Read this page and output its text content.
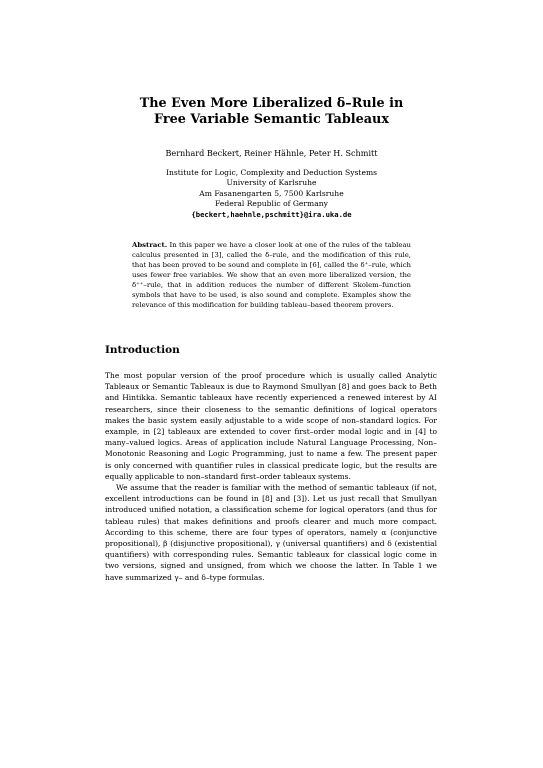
The Even More Liberalized δ–Rule in
Free Variable Semantic Tableaux
Bernhard Beckert, Reiner Hähnle, Peter H. Schmitt
Institute for Logic, Complexity and Deduction Systems
University of Karlsruhe
Am Fasanengarten 5, 7500 Karlsruhe
Federal Republic of Germany
{beckert,haehnle,pschmitt}@ira.uka.de
Abstract. In this paper we have a closer look at one of the rules of the tableau calculus presented in [3], called the δ–rule, and the modification of this rule, that has been proved to be sound and complete in [6], called the δ⁺–rule, which uses fewer free variables. We show that an even more liberalized version, the δ⁺⁺–rule, that in addition reduces the number of different Skolem–function symbols that have to be used, is also sound and complete. Examples show the relevance of this modification for building tableau–based theorem provers.
Introduction

The most popular version of the proof procedure which is usually called Analytic Tableaux or Semantic Tableaux is due to Raymond Smullyan [8] and goes back to Beth and Hintikka. Semantic tableaux have recently experienced a renewed interest by AI researchers, since their closeness to the semantic definitions of logical operators makes the basic system easily adjustable to a wide scope of non–standard logics. For example, in [2] tableaux are extended to cover first–order modal logic and in [4] to many–valued logics. Areas of application include Natural Language Processing, Non–Monotonic Reasoning and Logic Programming, just to name a few. The present paper is only concerned with quantifier rules in classical predicate logic, but the results are equally applicable to non–standard first–order tableaux systems.

We assume that the reader is familiar with the method of semantic tableaux (if not, excellent introductions can be found in [8] and [3]). Let us just recall that Smullyan introduced unified notation, a classification scheme for logical operators (and thus for tableau rules) that makes definitions and proofs clearer and much more compact. According to this scheme, there are four types of operators, namely α (conjunctive propositional), β (disjunctive propositional), γ (universal quantifiers) and δ (existential quantifiers) with corresponding rules. Semantic tableaux for classical logic come in two versions, signed and unsigned, from which we choose the latter. In Table 1 we have summarized γ– and δ–type formulas.
